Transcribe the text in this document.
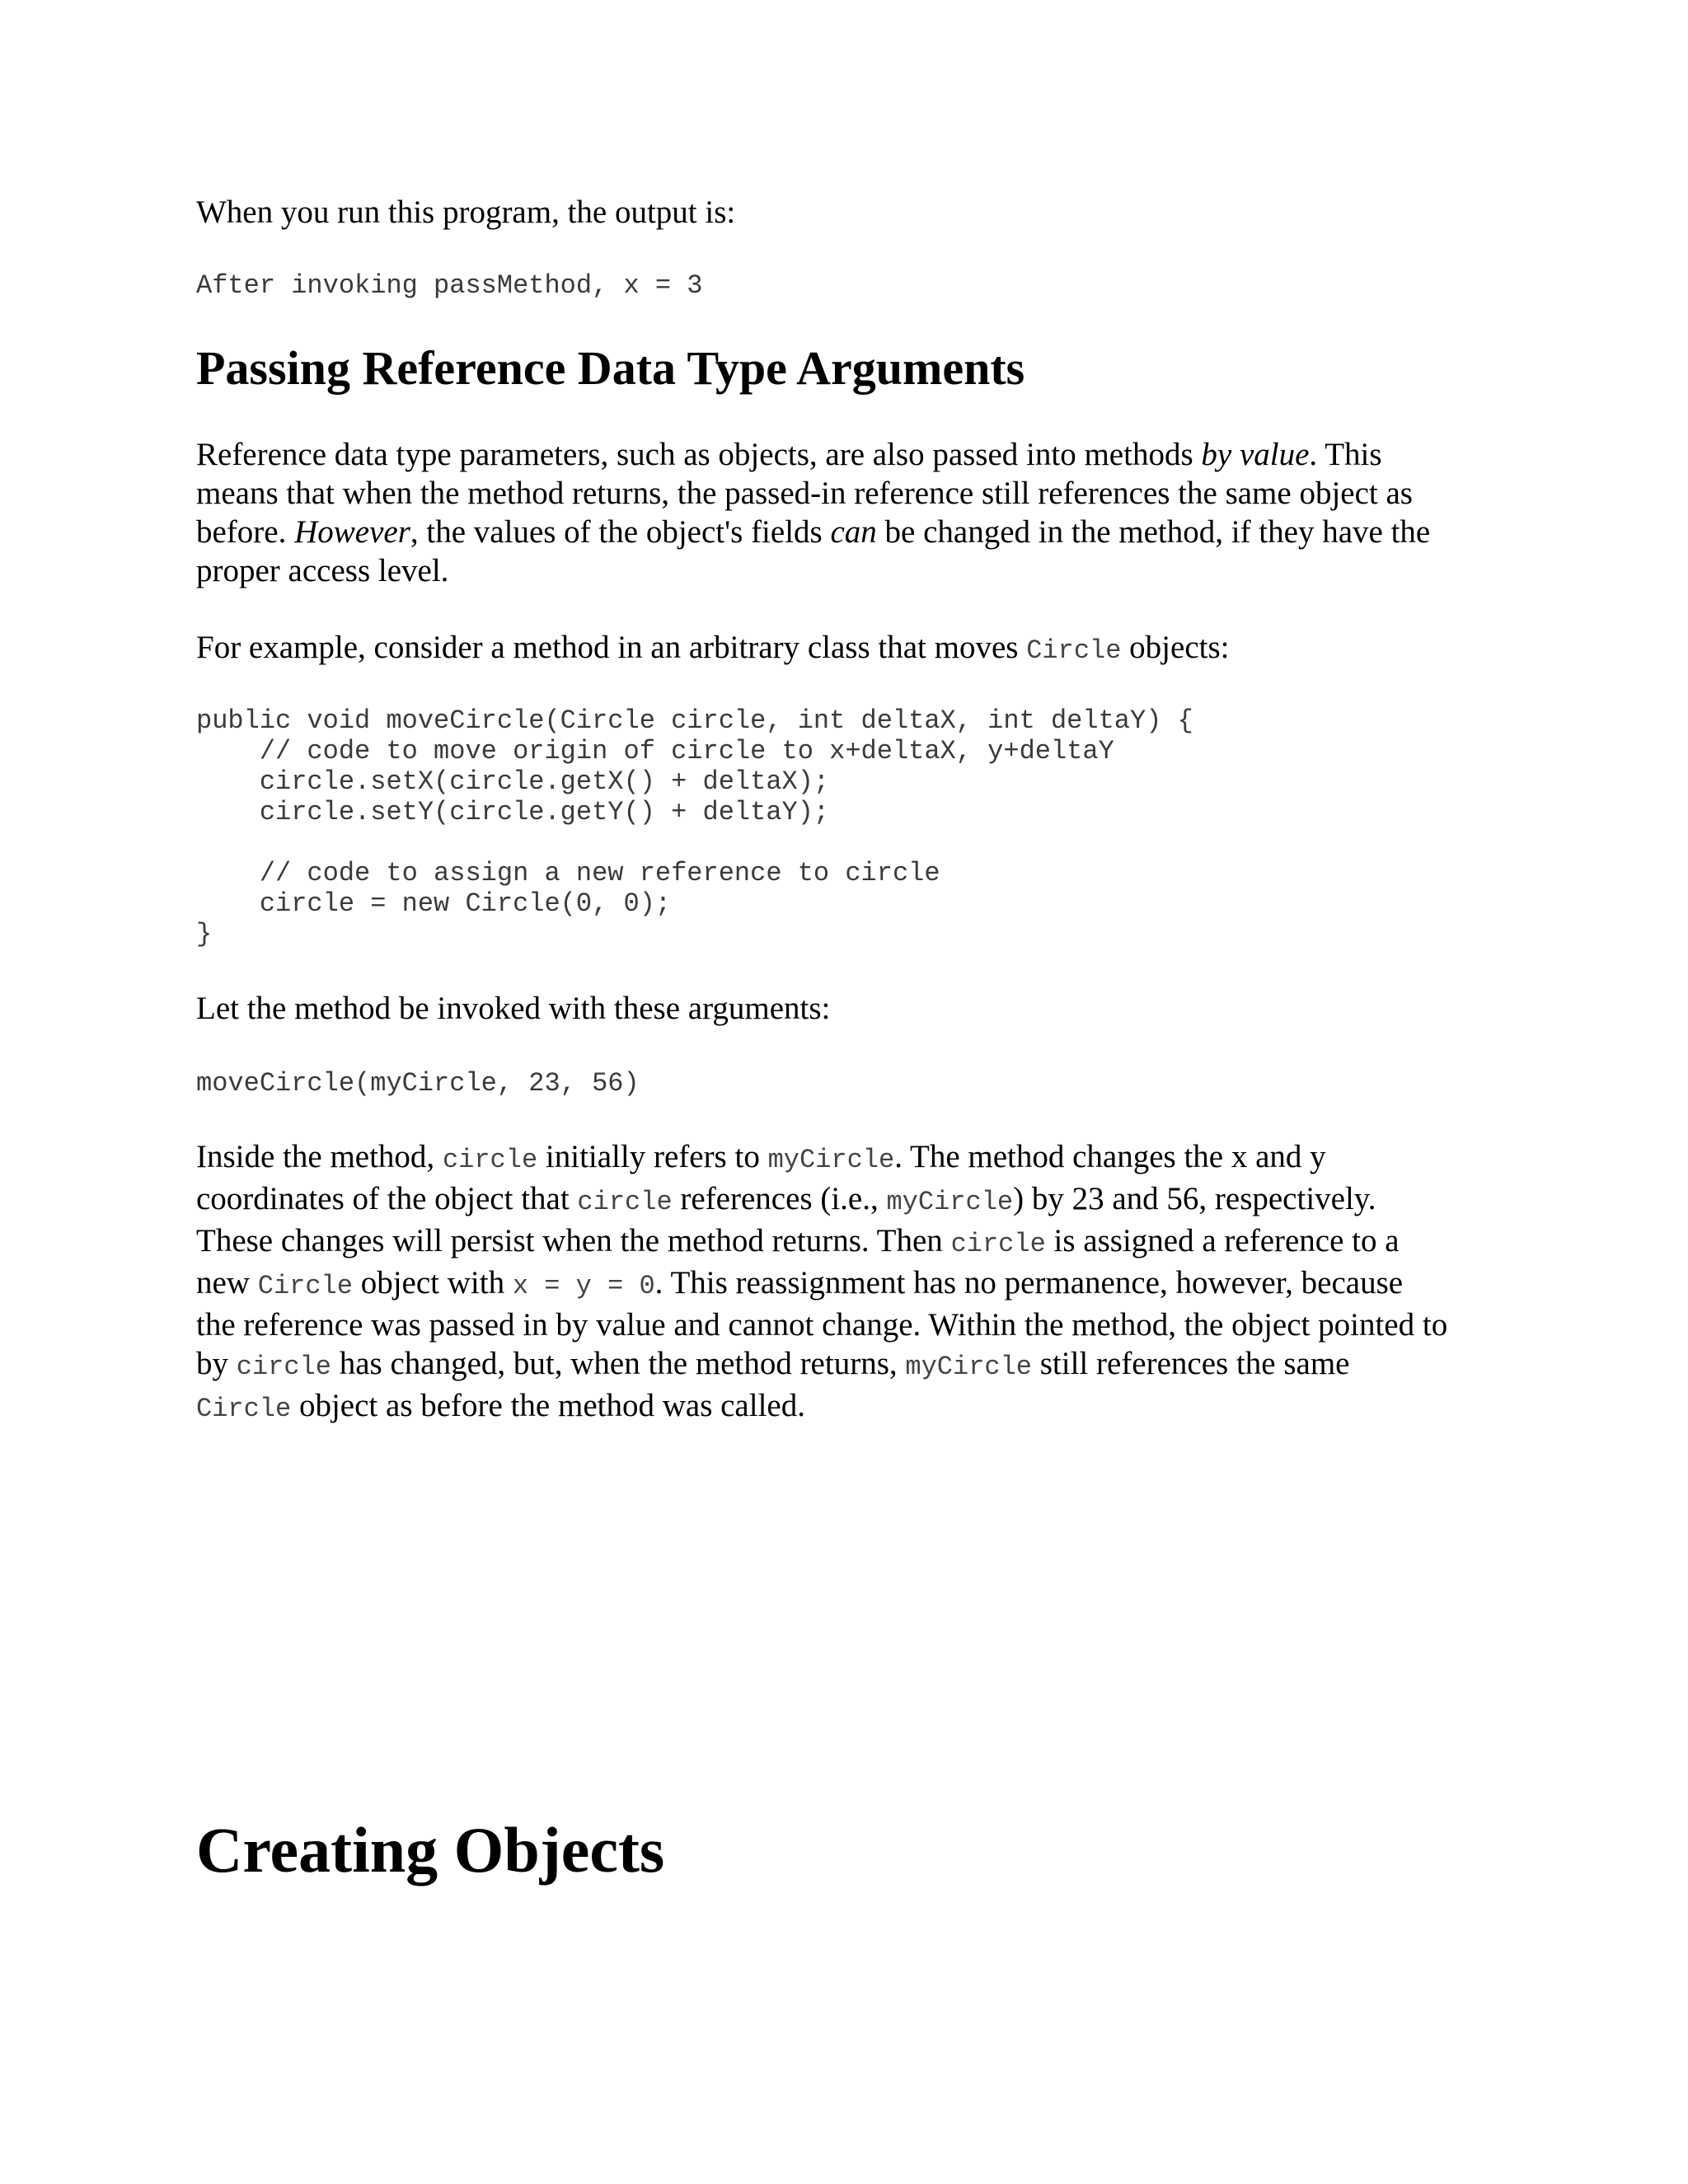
When you run this program, the output is:

After invoking passMethod, x = 3
Passing Reference Data Type Arguments

Reference data type parameters, such as objects, are also passed into methods by value. This
means that when the method returns, the passed-in reference still references the same object as
before. However, the values of the object's fields can be changed in the method, if they have the
proper access level.

For example, consider a method in an arbitrary class that moves Circle objects:

public void moveCircle(Circle circle, int deltaX, int deltaY) {
// code to move origin of circle to x+deltaX, y+deltaY
circle.setX(circle.getX() + deltaX);
circle.setY(circle.getY() + deltaY);
// code to assign a new reference to circle
circle = new Circle(0, 0);
}

Let the method be invoked with these arguments:

moveCircle(myCircle, 23, 56)

Inside the method, circle initially refers to myCircle. The method changes the x and y
coordinates of the object that circle references (i.e., myCircle) by 23 and 56, respectively.
These changes will persist when the method returns. Then circle is assigned a reference to a
new Circle object with x = y = 0. This reassignment has no permanence, however, because
the reference was passed in by value and cannot change. Within the method, the object pointed to
by circle has changed, but, when the method returns, myCircle still references the same
Circle object as before the method was called.

Creating Objects
